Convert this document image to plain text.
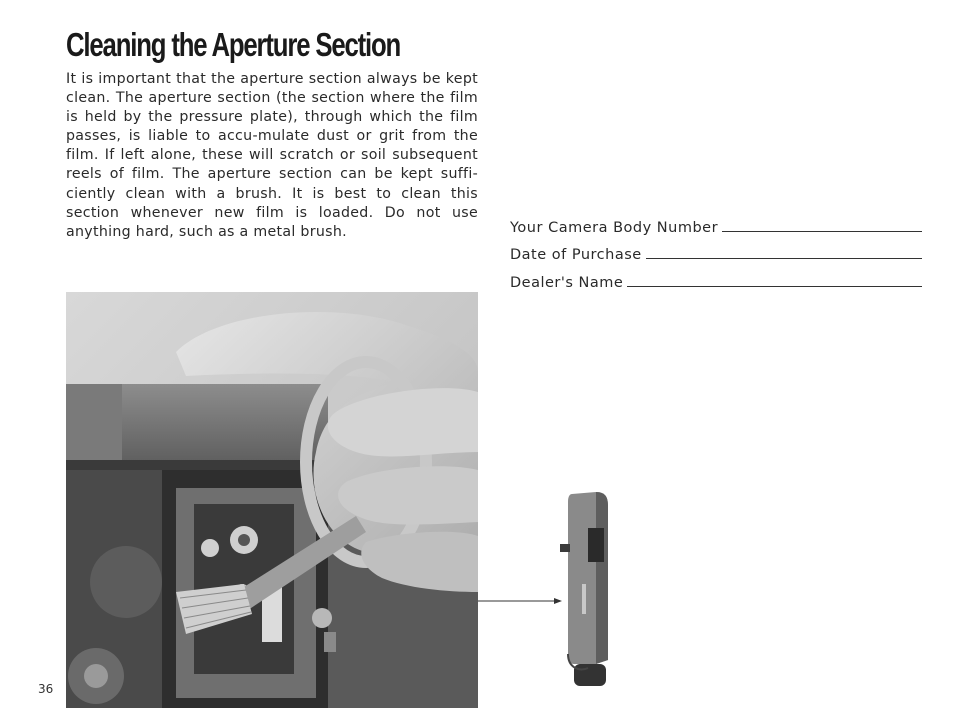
Cleaning the Aperture Section

It is important that the aperture section always be kept clean. The aperture section (the section where the film is held by the pressure plate), through which the film passes, is liable to accu-mulate dust or grit from the film. If left alone, these will scratch or soil subsequent reels of film. The aperture section can be kept suffi-ciently clean with a brush. It is best to clean this section whenever new film is loaded. Do not use anything hard, such as a metal brush.	Your Camera Body Number
Date of Purchase
Dealer's Name
36
